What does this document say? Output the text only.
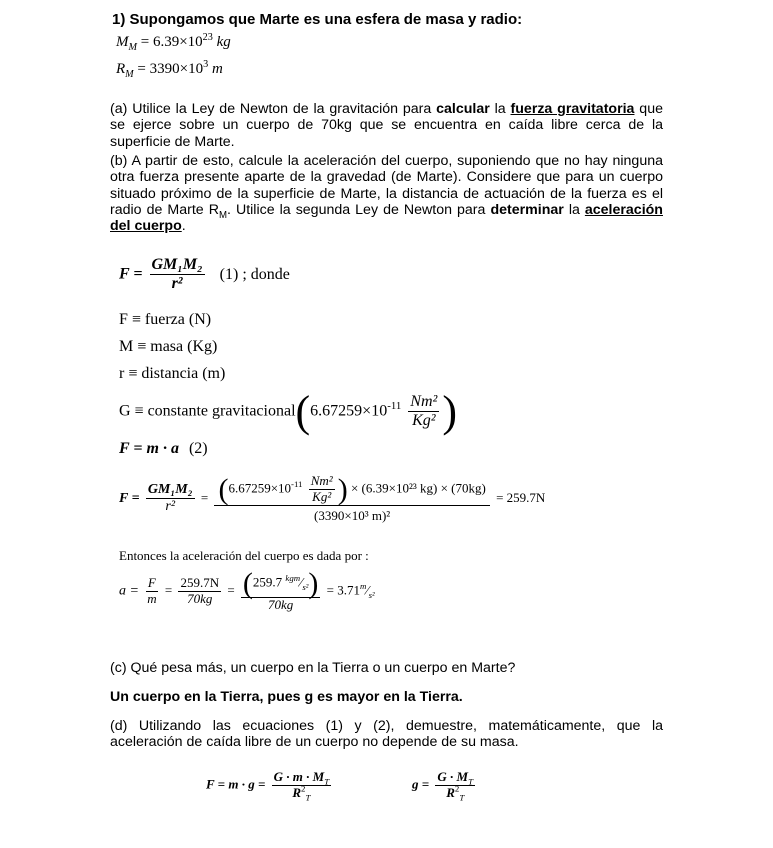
1) Supongamos que Marte es una esfera de masa y radio:
$M_M = 6.39\times 10^{23}$ kg
$R_M = 3390\times 10^3$ m
(a) Utilice la Ley de Newton de la gravitación para calcular la fuerza gravitatoria que se ejerce sobre un cuerpo de 70kg que se encuentra en caída libre cerca de la superficie de Marte.
(b) A partir de esto, calcule la aceleración del cuerpo, suponiendo que no hay ninguna otra fuerza presente aparte de la gravedad (de Marte). Considere que para un cuerpo situado próximo de la superficie de Marte, la distancia de actuación de la fuerza es el radio de Marte $R_M$. Utilice la segunda Ley de Newton para determinar la aceleración del cuerpo.
$F = \frac{\text{GM₁M₂}}{\text{r²}} (1)$ ; donde
F ≡ fuerza (N)
M ≡ masa (Kg)
r ≡ distancia (m)
G ≡ constante $gravitacional(6.67259\times 10^{-11} \frac{\text{Nm²}}{\text{Kg²}}$ )
F = m · a (2)
$F = \frac{\text{GM₁M₂}}{\text{r²}} = \frac{(6.67259\times 10^{-11} \frac{\text{Nm²}}{\text{Kg²}} ) \times (6.39\times 10^{23} kg) \times (70kg)}{\text{(3390×10³ m)²}} = 259.7N$
Entonces la aceleración del cuerpo es dada por :
$a = \frac{F}{m} = \frac{259.7N}{70kg} = \frac{(259.7 ^{kgm}⁄_{s^2})}{70kg}$ = $3.71^m⁄_{s^2}$
(c) Qué pesa más, un cuerpo en la Tierra o un cuerpo en Marte?
Un cuerpo en la Tierra, pues g es mayor en la Tierra.
(d) Utilizando las ecuaciones (1) y (2), demuestre, matemáticamente, que la aceleración de caída libre de un cuerpo no depende de su masa.
$F = m \cdot g = \frac{G \cdot m \cdot M_T}{R^2_T}$	$g = \frac{G \cdot M_T}{R^2_T}$
